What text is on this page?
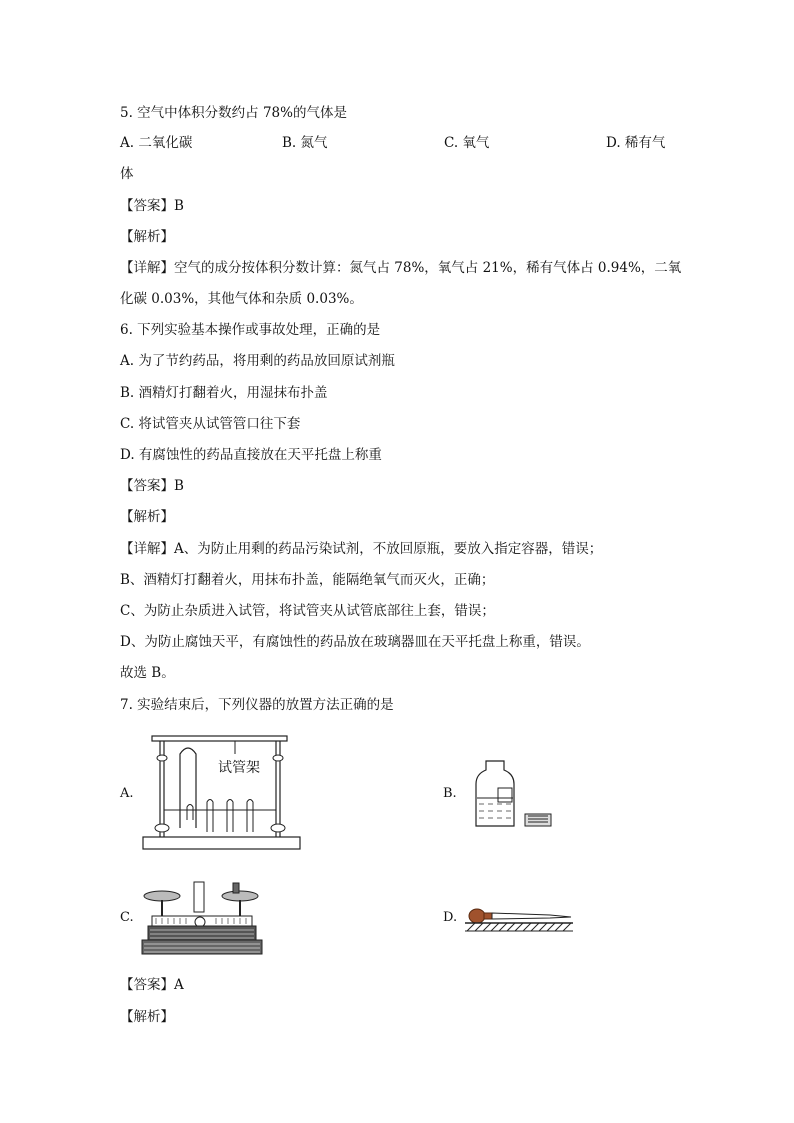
5. 空气中体积分数约占 78%的气体是
A. 二氧化碳	B. 氮气	C. 氧气	D. 稀有气
体
【答案】B
【解析】
【详解】空气的成分按体积分数计算：氮气占 78%，氧气占 21%，稀有气体占 0.94%，二氧
化碳 0.03%，其他气体和杂质 0.03%。
6. 下列实验基本操作或事故处理，正确的是
A. 为了节约药品，将用剩的药品放回原试剂瓶
B. 酒精灯打翻着火，用湿抹布扑盖
C. 将试管夹从试管管口往下套
D. 有腐蚀性的药品直接放在天平托盘上称重
【答案】B
【解析】
【详解】A、为防止用剩的药品污染试剂，不放回原瓶，要放入指定容器，错误；
B、酒精灯打翻着火，用抹布扑盖，能隔绝氧气而灭火，正确；
C、为防止杂质进入试管，将试管夹从试管底部往上套，错误；
D、为防止腐蚀天平，有腐蚀性的药品放在玻璃器皿在天平托盘上称重，错误。
故选 B。
7. 实验结束后，下列仪器的放置方法正确的是
A.	B.
C.	D.
试管架
【答案】A
【解析】
